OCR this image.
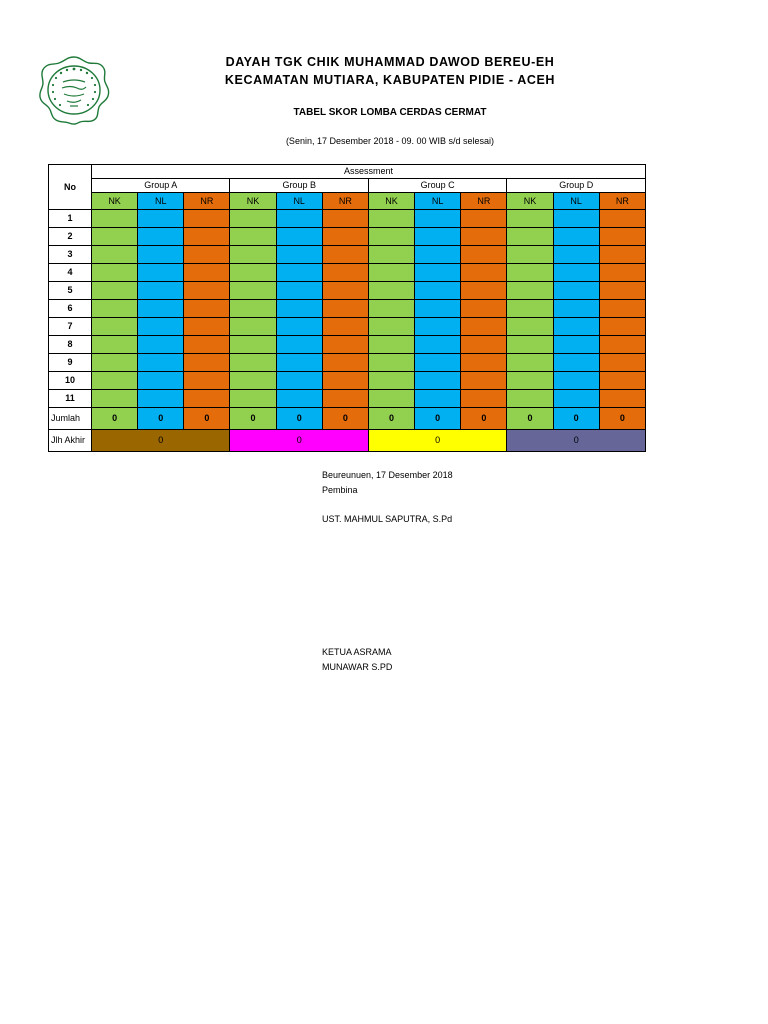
DAYAH TGK CHIK MUHAMMAD DAWOD BEREU-EH
KECAMATAN MUTIARA, KABUPATEN PIDIE - ACEH
TABEL SKOR LOMBA CERDAS CERMAT
(Senin, 17 Desember 2018 - 09. 00 WIB s/d selesai)
No	Assessment											
	Group A			Group B			Group C			Group D		
	NK	NL	NR	NK	NL	NR	NK	NL	NR	NK	NL	NR
1												
2												
3												
4												
5												
6												
7												
8												
9												
10												
11												
Jumlah	0	0	0	0	0	0	0	0	0	0	0	0
Jlh Akhir	0			0			0			0		
Beureunuen, 17 Desember 2018
Pembina
UST. MAHMUL SAPUTRA, S.Pd
KETUA ASRAMA
MUNAWAR S.PD
